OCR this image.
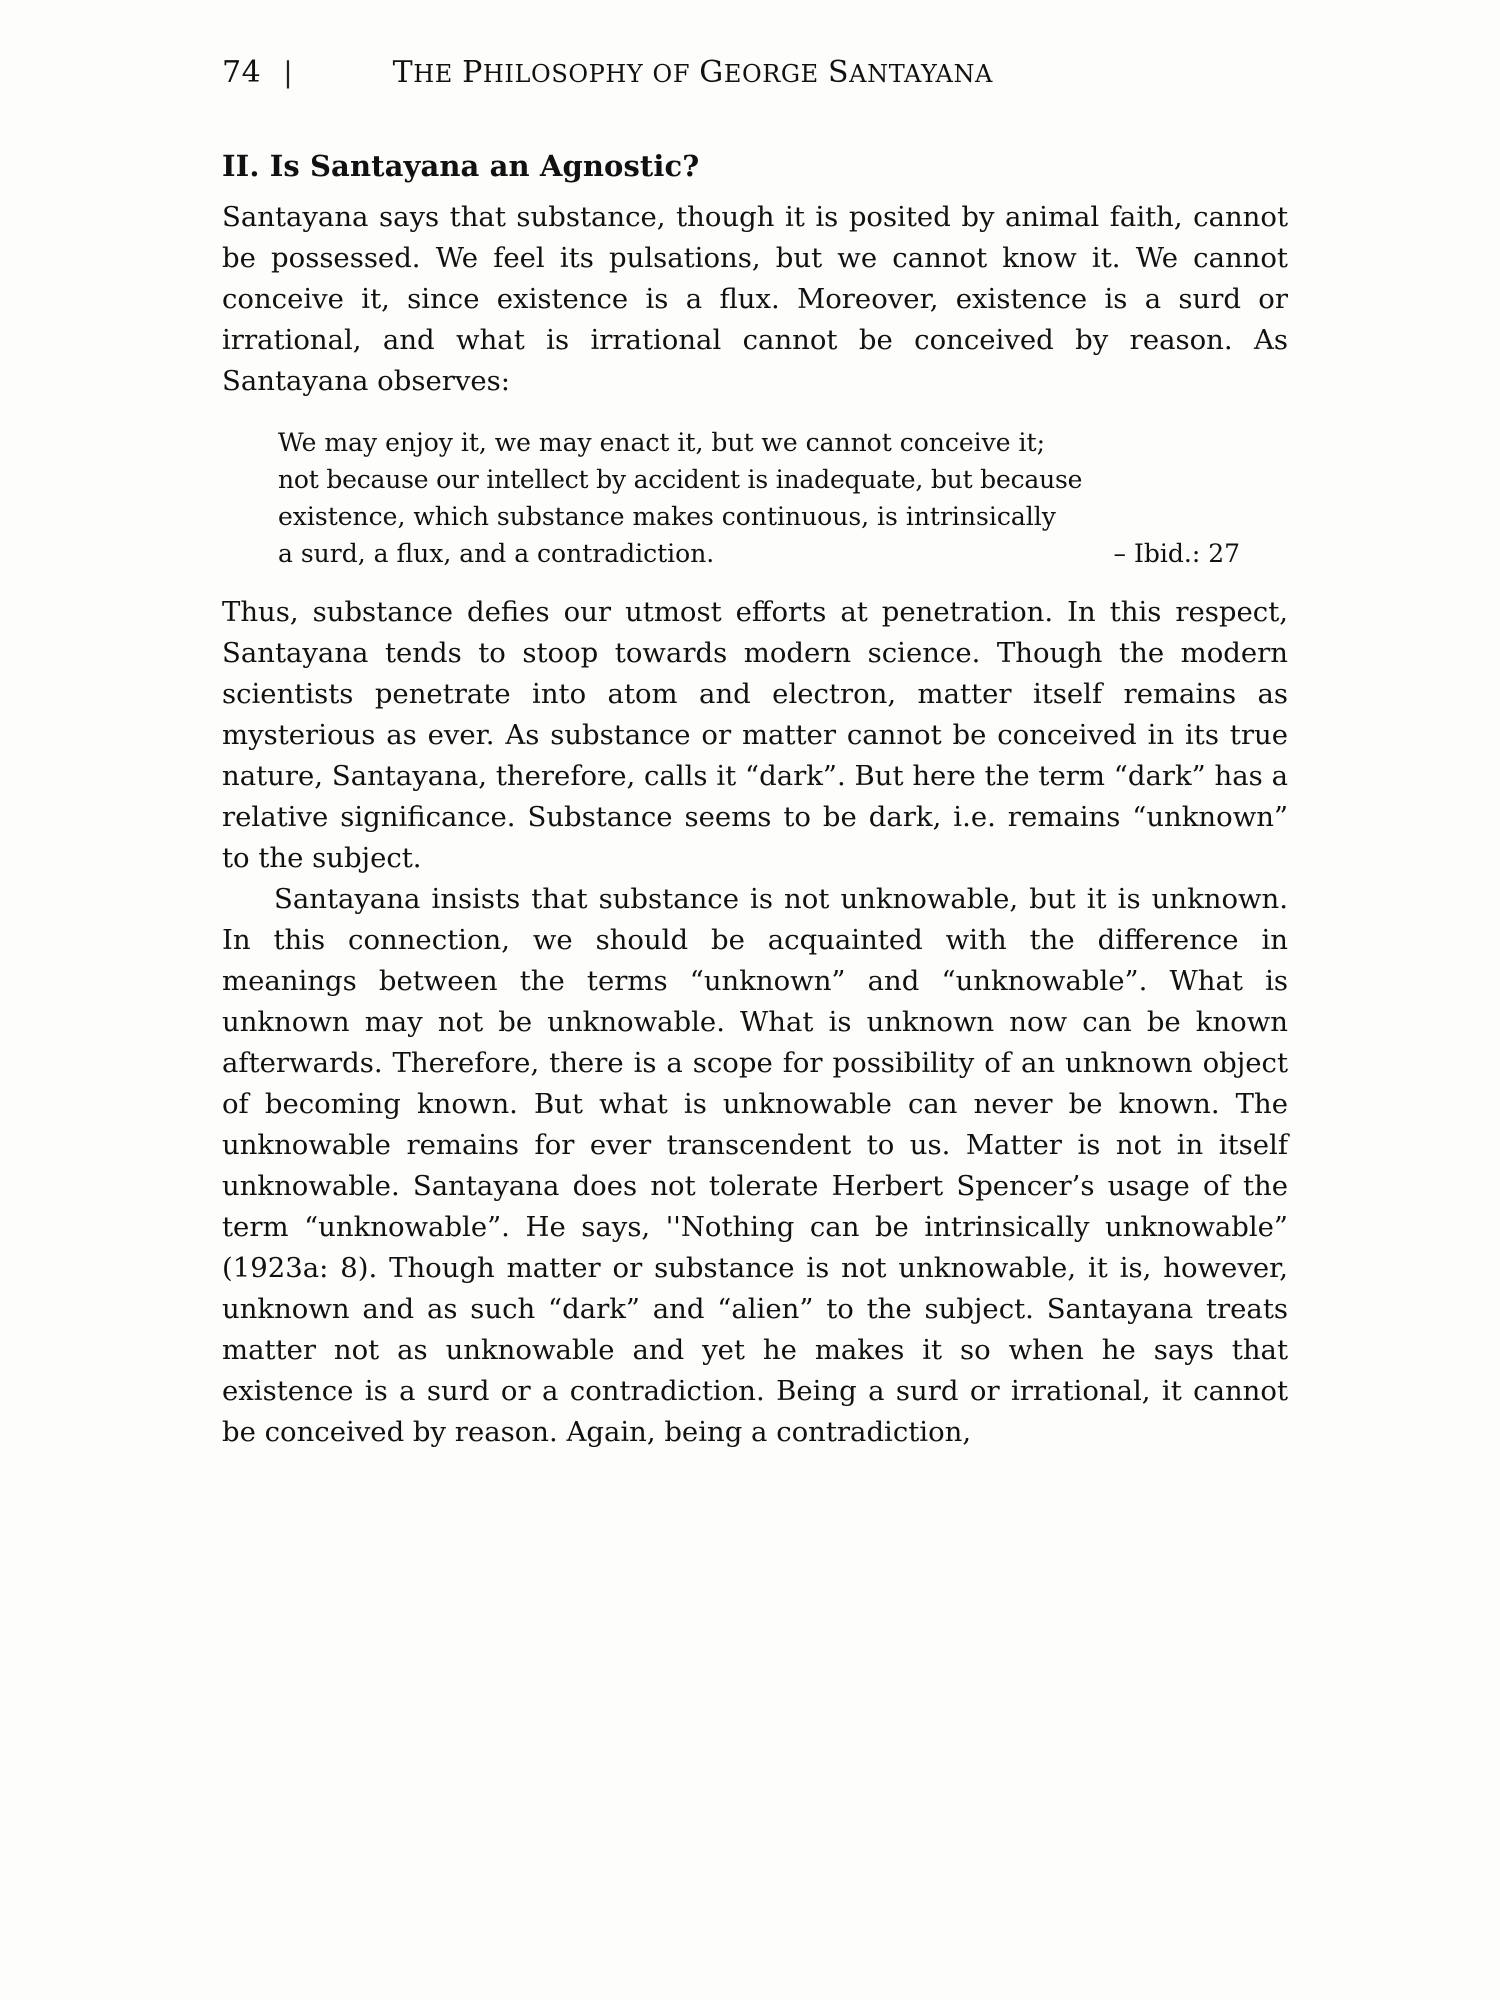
74 |	THE PHILOSOPHY OF GEORGE SANTAYANA
II. Is Santayana an Agnostic?

Santayana says that substance, though it is posited by animal faith, cannot be possessed. We feel its pulsations, but we cannot know it. We cannot conceive it, since existence is a flux. Moreover, existence is a surd or irrational, and what is irrational cannot be conceived by reason. As Santayana observes:

We may enjoy it, we may enact it, but we cannot conceive it;
not because our intellect by accident is inadequate, but because
existence, which substance makes continuous, is intrinsically
a surd, a flux, and a contradiction.	– Ibid.: 27

Thus, substance defies our utmost efforts at penetration. In this respect, Santayana tends to stoop towards modern science. Though the modern scientists penetrate into atom and electron, matter itself remains as mysterious as ever. As substance or matter cannot be conceived in its true nature, Santayana, therefore, calls it “dark”. But here the term “dark” has a relative significance. Substance seems to be dark, i.e. remains “unknown” to the subject.

Santayana insists that substance is not unknowable, but it is unknown. In this connection, we should be acquainted with the difference in meanings between the terms “unknown” and “unknowable”. What is unknown may not be unknowable. What is unknown now can be known afterwards. Therefore, there is a scope for possibility of an unknown object of becoming known. But what is unknowable can never be known. The unknowable remains for ever transcendent to us. Matter is not in itself unknowable. Santayana does not tolerate Herbert Spencer’s usage of the term “unknowable”. He says, ''Nothing can be intrinsically unknowable” (1923a: 8). Though matter or substance is not unknowable, it is, however, unknown and as such “dark” and “alien” to the subject. Santayana treats matter not as unknowable and yet he makes it so when he says that existence is a surd or a contradiction. Being a surd or irrational, it cannot be conceived by reason. Again, being a contradiction,
